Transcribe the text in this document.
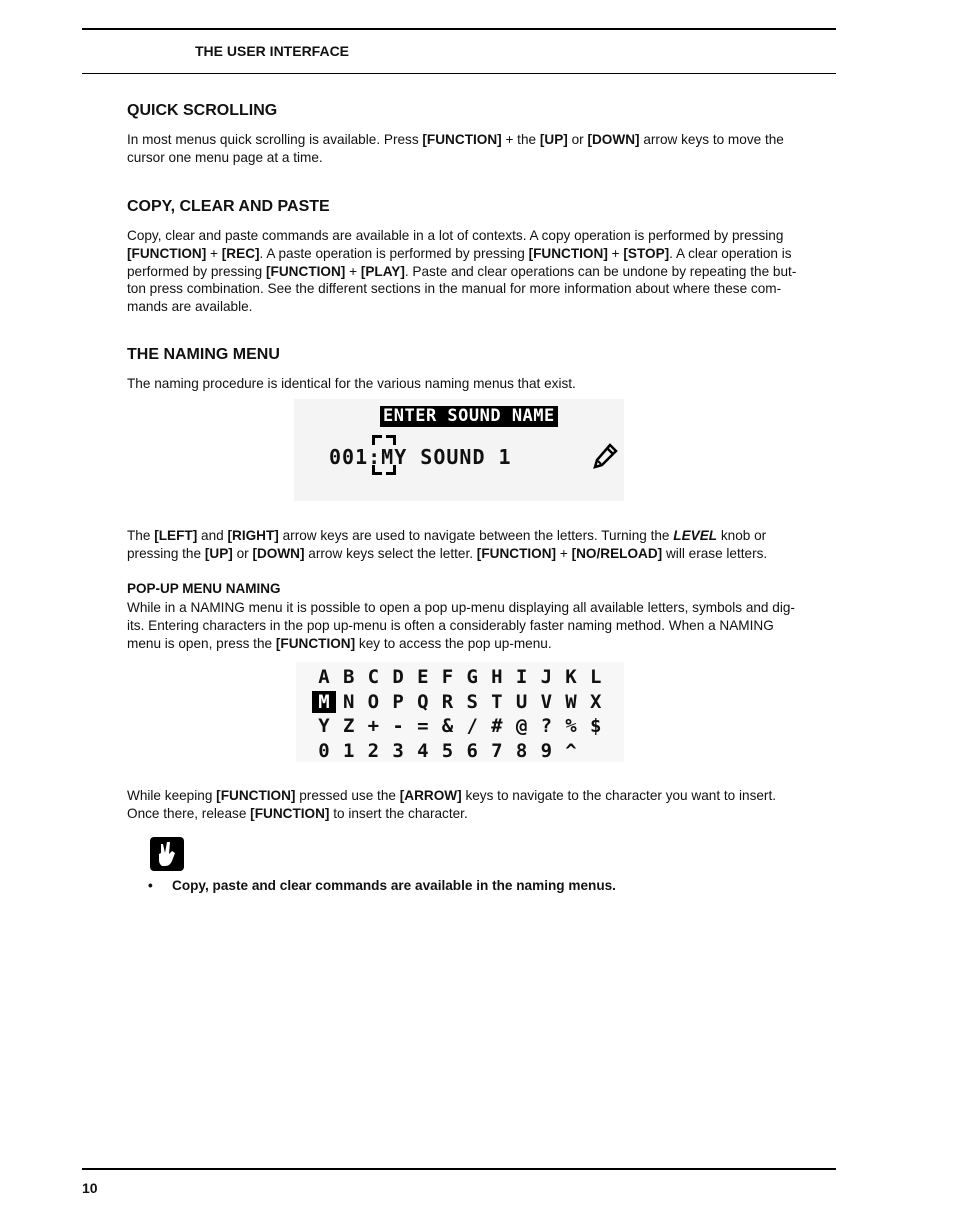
THE USER INTERFACE
QUICK SCROLLING
In most menus quick scrolling is available. Press [FUNCTION] + the [UP] or [DOWN] arrow keys to move the
cursor one menu page at a time.
COPY, CLEAR AND PASTE
Copy, clear and paste commands are available in a lot of contexts. A copy operation is performed by pressing
[FUNCTION] + [REC]. A paste operation is performed by pressing [FUNCTION] + [STOP]. A clear operation is
performed by pressing [FUNCTION] + [PLAY]. Paste and clear operations can be undone by repeating the but-
ton press combination. See the different sections in the manual for more information about where these com-
mands are available.
THE NAMING MENU
The naming procedure is identical for the various naming menus that exist.
ENTER SOUND NAME
001:MY SOUND 1
The [LEFT] and [RIGHT] arrow keys are used to navigate between the letters. Turning the LEVEL knob or
pressing the [UP] or [DOWN] arrow keys select the letter. [FUNCTION] + [NO/RELOAD] will erase letters.
POP-UP MENU NAMING
While in a NAMING menu it is possible to open a pop up-menu displaying all available letters, symbols and dig-
its. Entering characters in the pop up-menu is often a considerably faster naming method. When a NAMING
menu is open, press the [FUNCTION] key to access the pop up-menu.
A B C D E F G H I J K L
M N O P Q R S T U V W X
Y Z + - = & / # @ ? % $
0 1 2 3 4 5 6 7 8 9 ^
While keeping [FUNCTION] pressed use the [ARROW] keys to navigate to the character you want to insert.
Once there, release [FUNCTION] to insert the character.
• Copy, paste and clear commands are available in the naming menus.
10
